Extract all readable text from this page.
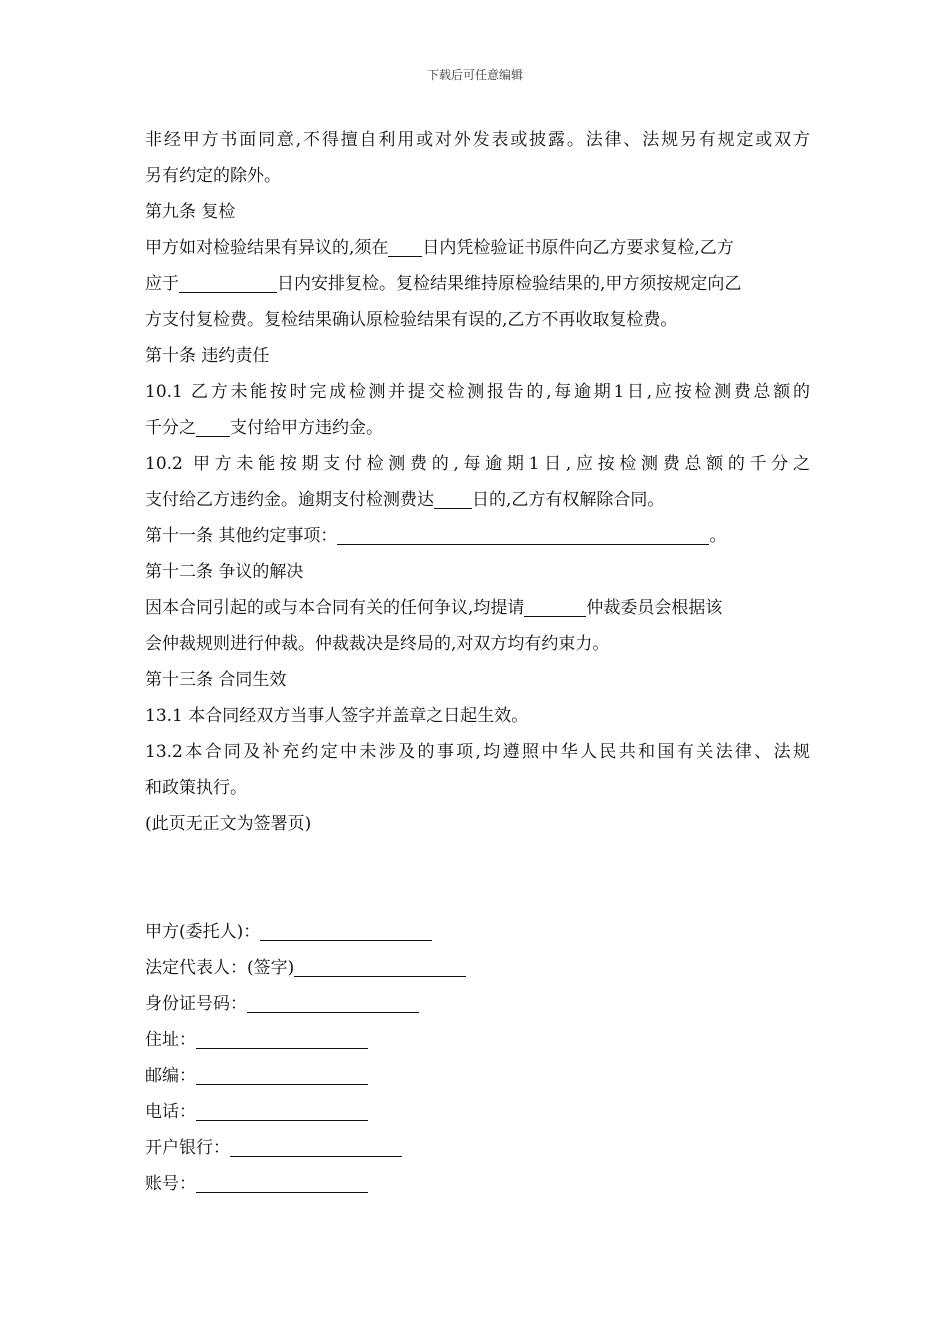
下载后可任意编辑
非经甲方书面同意,不得擅自利用或对外发表或披露。法律、法规另有规定或双方
另有约定的除外。
第九条 复检
甲方如对检验结果有异议的,须在 日内凭检验证书原件向乙方要求复检,乙方
应于	日内安排复检。复检结果维持原检验结果的,甲方须按规定向乙
方支付复检费。复检结果确认原检验结果有误的,乙方不再收取复检费。
第十条 违约责任
10.1 乙方未能按时完成检测并提交检测报告的,每逾期1日,应按检测费总额的
千分之 支付给甲方违约金。
10.2 甲方未能按期支付检测费的,每逾期1日,应按检测费总额的千分之
支付给乙方违约金。逾期支付检测费达 日的,乙方有权解除合同。
第十一条 其他约定事项：	。
第十二条 争议的解决
因本合同引起的或与本合同有关的任何争议,均提请	仲裁委员会根据该
会仲裁规则进行仲裁。仲裁裁决是终局的,对双方均有约束力。
第十三条 合同生效
13.1 本合同经双方当事人签字并盖章之日起生效。
13.2本合同及补充约定中未涉及的事项,均遵照中华人民共和国有关法律、法规
和政策执行。
(此页无正文为签署页)
甲方(委托人)：
法定代表人：(签字)
身份证号码：
住址：
邮编：
电话：
开户银行：
账号：
